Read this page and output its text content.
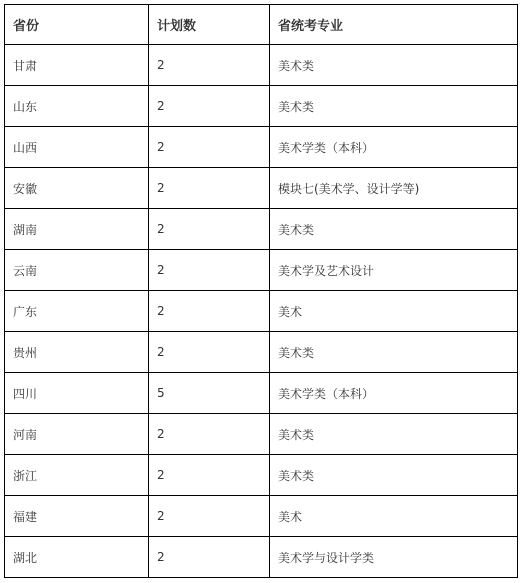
省份	计划数	省统考专业
甘肃	2	美术类
山东	2	美术类
山西	2	美术学类（本科）
安徽	2	模块七(美术学、设计学等)
湖南	2	美术类
云南	2	美术学及艺术设计
广东	2	美术
贵州	2	美术类
四川	5	美术学类（本科）
河南	2	美术类
浙江	2	美术类
福建	2	美术
湖北	2	美术学与设计学类
